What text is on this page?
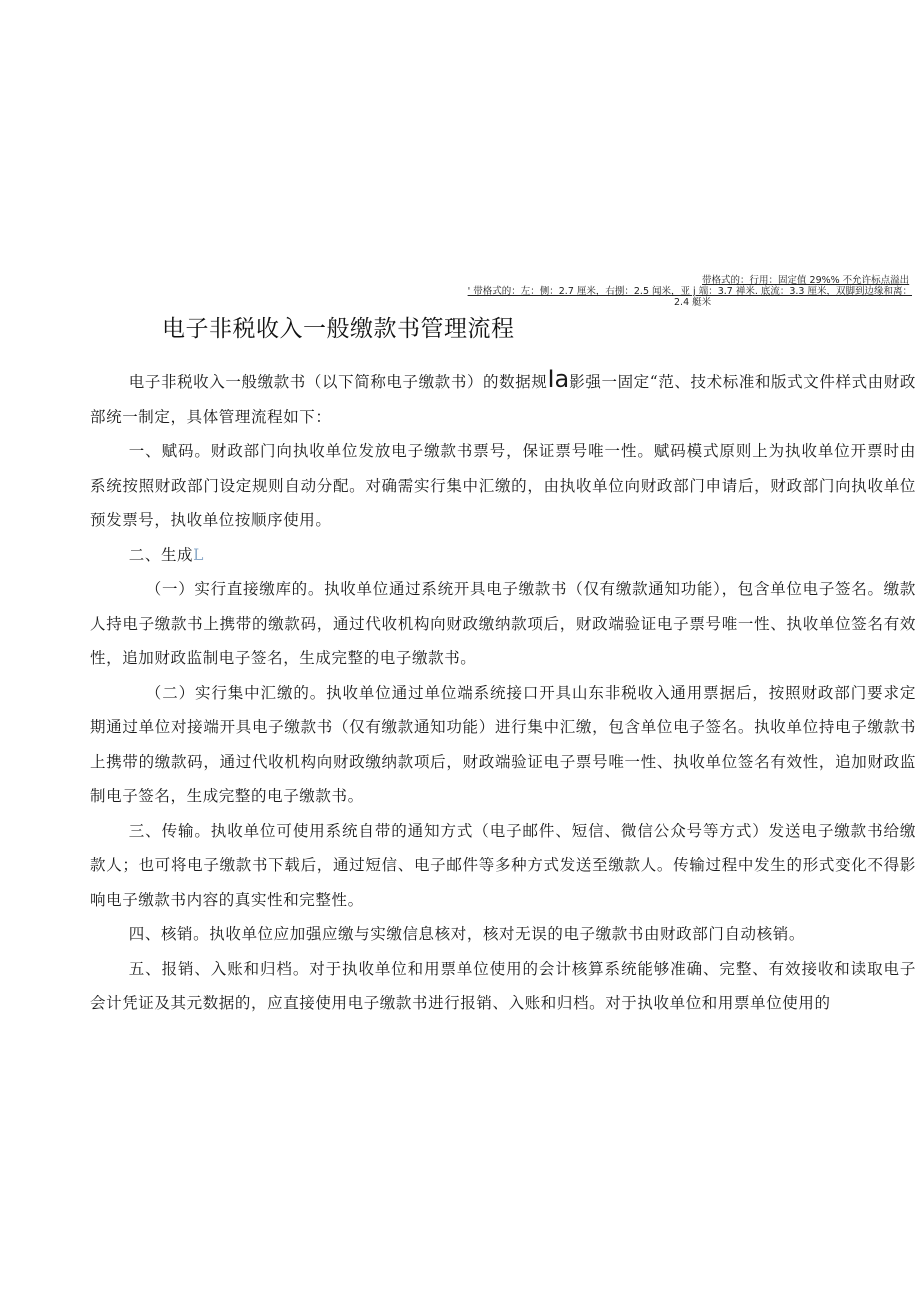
带格式的：行用：固定值 29%% 不允许标点溢出
' 带格式的：左：侧：2.7 厘米，右捌：2.5 闻米，亚 j 端：3.7 禅米. 底流：3.3 厘米，双脚到边缘和离：
2.4 艇米
电子非税收入一般缴款书管理流程

电子非税收入一般缴款书（以下简称电子缴款书）的数据规Ia影强一固定“范、技术标准和版式文件样式由财政部统一制定，具体管理流程如下：

一、赋码。财政部门向执收单位发放电子缴款书票号，保证票号唯一性。赋码模式原则上为执收单位开票时由系统按照财政部门设定规则自动分配。对确需实行集中汇缴的，由执收单位向财政部门申请后，财政部门向执收单位预发票号，执收单位按顺序使用。

二、生成L

（一）实行直接缴库的。执收单位通过系统开具电子缴款书（仅有缴款通知功能），包含单位电子签名。缴款人持电子缴款书上携带的缴款码，通过代收机构向财政缴纳款项后，财政端验证电子票号唯一性、执收单位签名有效性，追加财政监制电子签名，生成完整的电子缴款书。

（二）实行集中汇缴的。执收单位通过单位端系统接口开具山东非税收入通用票据后，按照财政部门要求定期通过单位对接端开具电子缴款书（仅有缴款通知功能）进行集中汇缴，包含单位电子签名。执收单位持电子缴款书上携带的缴款码，通过代收机构向财政缴纳款项后，财政端验证电子票号唯一性、执收单位签名有效性，追加财政监制电子签名，生成完整的电子缴款书。

三、传输。执收单位可使用系统自带的通知方式（电子邮件、短信、微信公众号等方式）发送电子缴款书给缴款人；也可将电子缴款书下载后，通过短信、电子邮件等多种方式发送至缴款人。传输过程中发生的形式变化不得影响电子缴款书内容的真实性和完整性。

四、核销。执收单位应加强应缴与实缴信息核对，核对无误的电子缴款书由财政部门自动核销。

五、报销、入账和归档。对于执收单位和用票单位使用的会计核算系统能够准确、完整、有效接收和读取电子会计凭证及其元数据的，应直接使用电子缴款书进行报销、入账和归档。对于执收单位和用票单位使用的
